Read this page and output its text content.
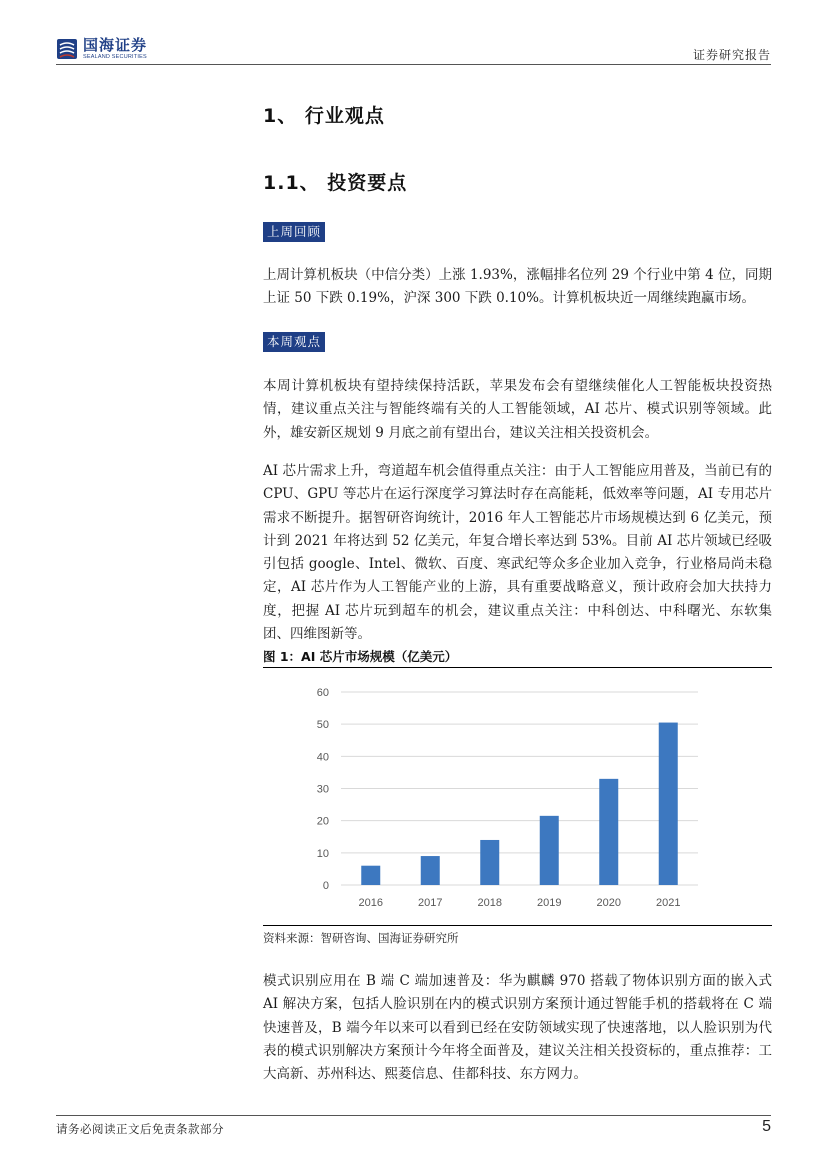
国海证券
SEALAND SECURITIES	证券研究报告
1、 行业观点
1.1、 投资要点
上周回顾

上周计算机板块（中信分类）上涨 1.93%，涨幅排名位列 29 个行业中第 4 位，同期上证 50 下跌 0.19%，沪深 300 下跌 0.10%。计算机板块近一周继续跑赢市场。

本周观点

本周计算机板块有望持续保持活跃，苹果发布会有望继续催化人工智能板块投资热情，建议重点关注与智能终端有关的人工智能领域，AI 芯片、模式识别等领域。此外，雄安新区规划 9 月底之前有望出台，建议关注相关投资机会。

AI 芯片需求上升，弯道超车机会值得重点关注：由于人工智能应用普及，当前已有的 CPU、GPU 等芯片在运行深度学习算法时存在高能耗，低效率等问题，AI 专用芯片需求不断提升。据智研咨询统计，2016 年人工智能芯片市场规模达到 6 亿美元，预计到 2021 年将达到 52 亿美元，年复合增长率达到 53%。目前 AI 芯片领域已经吸引包括 google、Intel、微软、百度、寒武纪等众多企业加入竞争，行业格局尚未稳定，AI 芯片作为人工智能产业的上游，具有重要战略意义，预计政府会加大扶持力度，把握 AI 芯片玩到超车的机会，建议重点关注：中科创达、中科曙光、东软集团、四维图新等。

图 1：AI 芯片市场规模（亿美元）
0
10
20
30
40
50
60
2016	2017	2018	2019	2020	2021
资料来源：智研咨询、国海证券研究所

模式识别应用在 B 端 C 端加速普及：华为麒麟 970 搭载了物体识别方面的嵌入式 AI 解决方案，包括人脸识别在内的模式识别方案预计通过智能手机的搭载将在 C 端快速普及，B 端今年以来可以看到已经在安防领域实现了快速落地，以人脸识别为代表的模式识别解决方案预计今年将全面普及，建议关注相关投资标的，重点推荐：工大高新、苏州科达、熙菱信息、佳都科技、东方网力。

请务必阅读正文后免责条款部分	5
